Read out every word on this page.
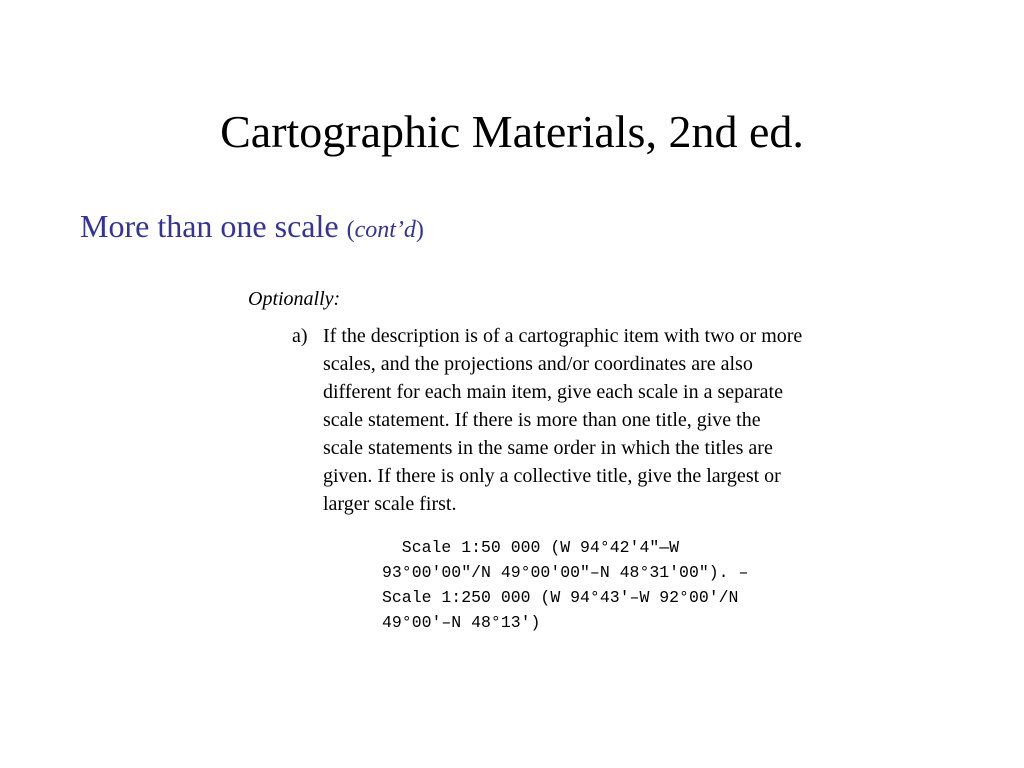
Cartographic Materials, 2nd ed.
More than one scale (cont’d)
Optionally:
a) If the description is of a cartographic item with two or more
scales, and the projections and/or coordinates are also
different for each main item, give each scale in a separate
scale statement. If there is more than one title, give the
scale statements in the same order in which the titles are
given. If there is only a collective title, give the largest or
larger scale first.
Scale 1:50 000 (W 94°42′4″—W
93°00′00″/N 49°00′00″–N 48°31′00″). –
Scale 1:250 000 (W 94°43′–W 92°00′/N
49°00′–N 48°13′)
